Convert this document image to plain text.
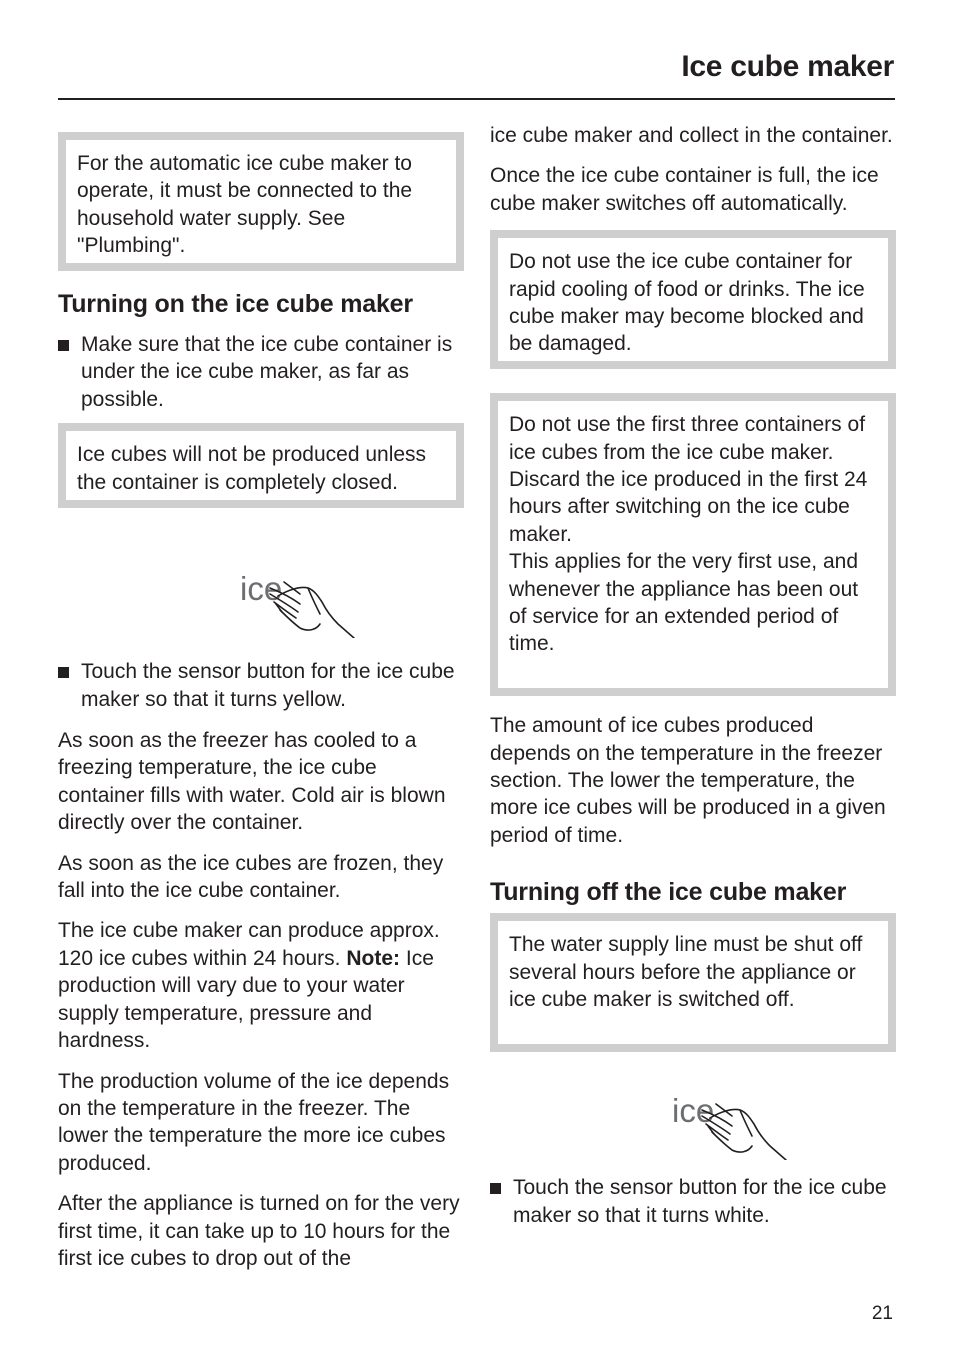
Ice cube maker
For the automatic ice cube maker to operate, it must be connected to the household water supply. See "Plumbing".
Turning on the ice cube maker
Make sure that the ice cube container is under the ice cube maker, as far as possible.
Ice cubes will not be produced unless the container is completely closed.
ice
Touch the sensor button for the ice cube maker so that it turns yellow.

As soon as the freezer has cooled to a freezing temperature, the ice cube container fills with water. Cold air is blown directly over the container.

As soon as the ice cubes are frozen, they fall into the ice cube container.

The ice cube maker can produce approx. 120 ice cubes within 24 hours. Note: Ice production will vary due to your water supply temperature, pressure and hardness.

The production volume of the ice depends on the temperature in the freezer. The lower the temperature the more ice cubes produced.

After the appliance is turned on for the very first time, it can take up to 10 hours for the first ice cubes to drop out of the

ice cube maker and collect in the container.

Once the ice cube container is full, the ice cube maker switches off automatically.

Do not use the ice cube container for rapid cooling of food or drinks. The ice cube maker may become blocked and be damaged.
Do not use the first three containers of ice cubes from the ice cube maker.
Discard the ice produced in the first 24 hours after switching on the ice cube maker.
This applies for the very first use, and whenever the appliance has been out of service for an extended period of time.

The amount of ice cubes produced depends on the temperature in the freezer section. The lower the temperature, the more ice cubes will be produced in a given period of time.

Turning off the ice cube maker
The water supply line must be shut off several hours before the appliance or ice cube maker is switched off.
ice
Touch the sensor button for the ice cube maker so that it turns white.
21
